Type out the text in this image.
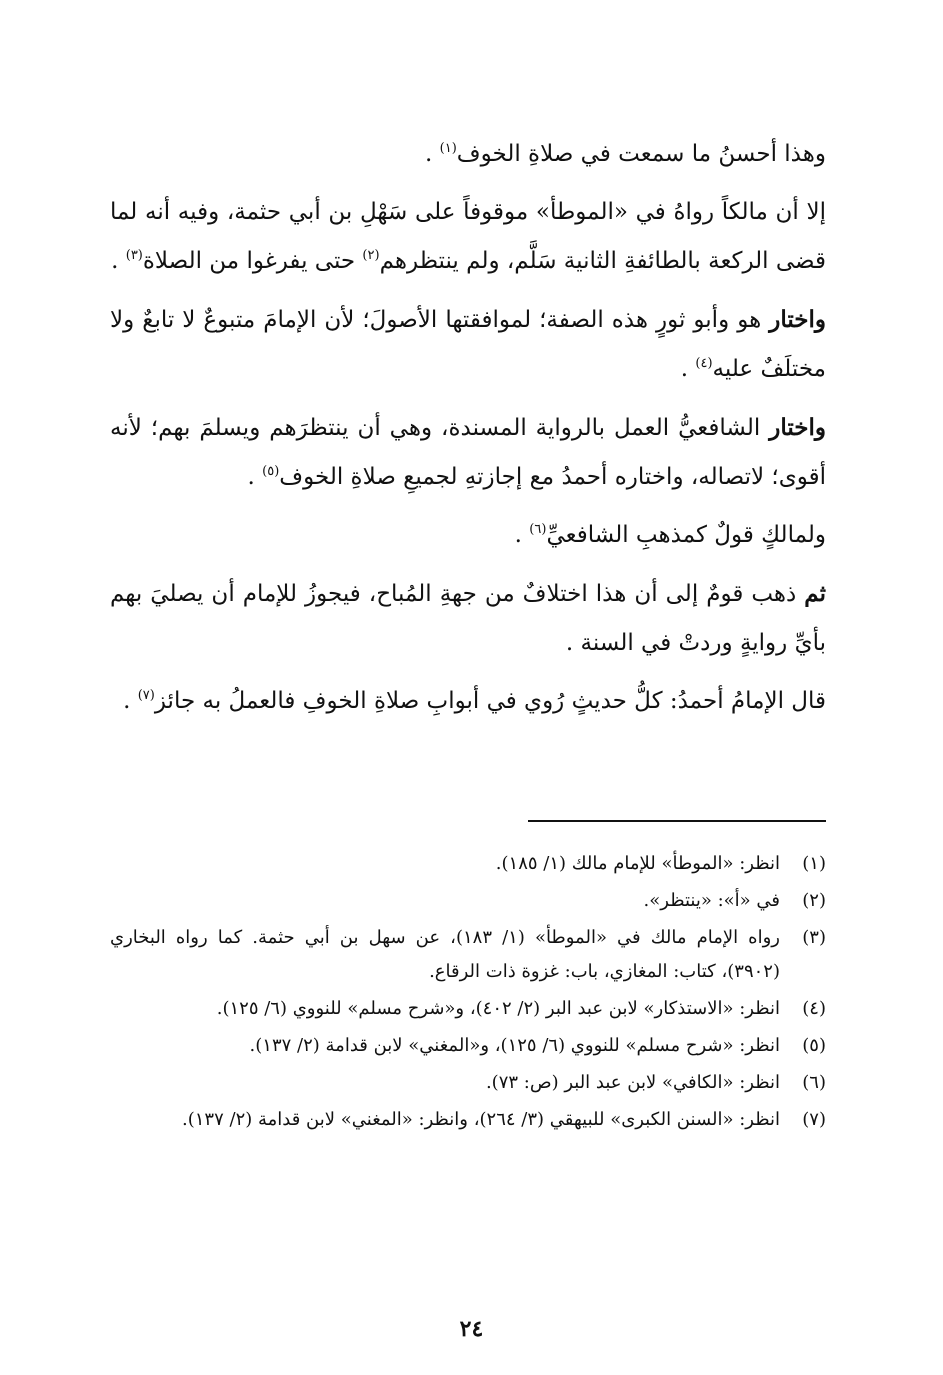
وهذا أحسنُ ما سمعت في صلاةِ الخوف$^{(١)}$ .

إلا أن مالكاً رواهُ في «الموطأ» موقوفاً على سَهْلِ بن أبي حثمة، وفيه أنه لما قضى الركعة بالطائفةِ الثانية سَلَّم، ولم ينتظرهم$^{(٢)}$ حتى يفرغوا من الصلاة$^{(٣)}$ .

واختار هو وأبو ثورٍ هذه الصفة؛ لموافقتها الأصولَ؛ لأن الإمامَ متبوعٌ لا تابعٌ ولا مختلَفٌ عليه$^{(٤)}$ .

واختار الشافعيُّ العمل بالرواية المسندة، وهي أن ينتظرَهم ويسلمَ بهم؛ لأنه أقوى؛ لاتصاله، واختاره أحمدُ مع إجازتهِ لجميعِ صلاةِ الخوف$^{(٥)}$ .

ولمالكٍ قولٌ كمذهبِ الشافعيِّ$^{(٦)}$ .

ثم ذهب قومٌ إلى أن هذا اختلافٌ من جهةِ المُباح، فيجوزُ للإمام أن يصليَ بهم بأيِّ روايةٍ وردتْ في السنة .

قال الإمامُ أحمدُ: كلُّ حديثٍ رُوي في أبوابِ صلاةِ الخوفِ فالعملُ به جائز$^{(٧)}$ .

(١)
انظر: «الموطأ» للإمام مالك (١/ ١٨٥).
(٢)
في «أ»: «ينتظر».
(٣)
رواه الإمام مالك في «الموطأ» (١/ ١٨٣)، عن سهل بن أبي حثمة. كما رواه البخاري (٣٩٠٢)، كتاب: المغازي، باب: غزوة ذات الرقاع.
(٤)
انظر: «الاستذكار» لابن عبد البر (٢/ ٤٠٢)، و«شرح مسلم» للنووي (٦/ ١٢٥).
(٥)
انظر: «شرح مسلم» للنووي (٦/ ١٢٥)، و«المغني» لابن قدامة (٢/ ١٣٧).
(٦)
انظر: «الكافي» لابن عبد البر (ص: ٧٣).
(٧)
انظر: «السنن الكبرى» للبيهقي (٣/ ٢٦٤)، وانظر: «المغني» لابن قدامة (٢/ ١٣٧).
٢٤
